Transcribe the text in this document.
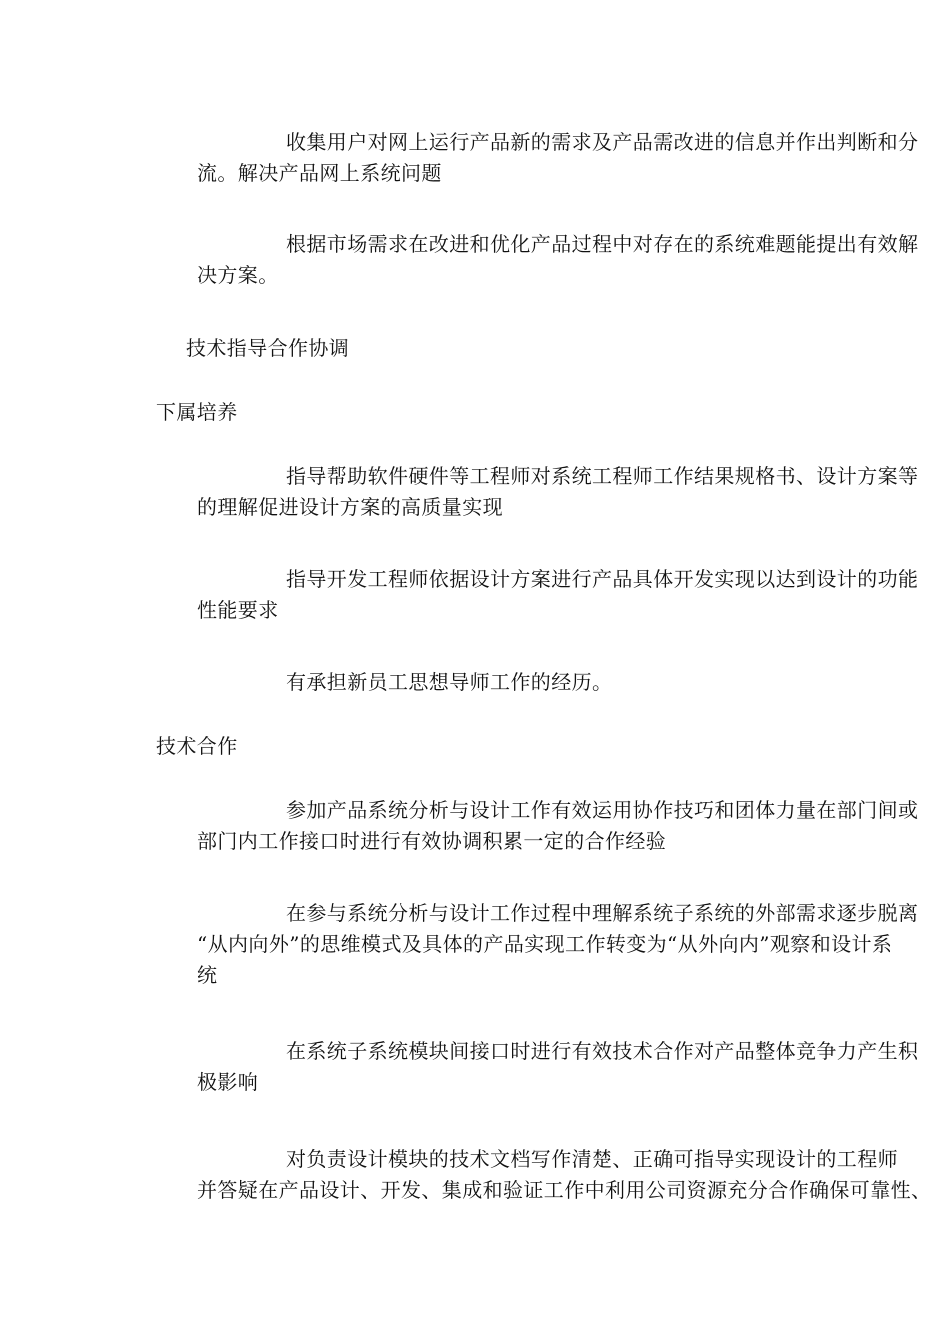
收集用户对网上运行产品新的需求及产品需改进的信息并作出判断和分
流。解决产品网上系统问题
根据市场需求在改进和优化产品过程中对存在的系统难题能提出有效解
决方案。
技术指导合作协调
下属培养
指导帮助软件硬件等工程师对系统工程师工作结果规格书、设计方案等
的理解促进设计方案的高质量实现
指导开发工程师依据设计方案进行产品具体开发实现以达到设计的功能
性能要求
有承担新员工思想导师工作的经历。
技术合作
参加产品系统分析与设计工作有效运用协作技巧和团体力量在部门间或
部门内工作接口时进行有效协调积累一定的合作经验
在参与系统分析与设计工作过程中理解系统子系统的外部需求逐步脱离
“从内向外”的思维模式及具体的产品实现工作转变为“从外向内”观察和设计系
统
在系统子系统模块间接口时进行有效技术合作对产品整体竞争力产生积
极影响
对负责设计模块的技术文档写作清楚、正确可指导实现设计的工程师
并答疑在产品设计、开发、集成和验证工作中利用公司资源充分合作确保可靠性、
